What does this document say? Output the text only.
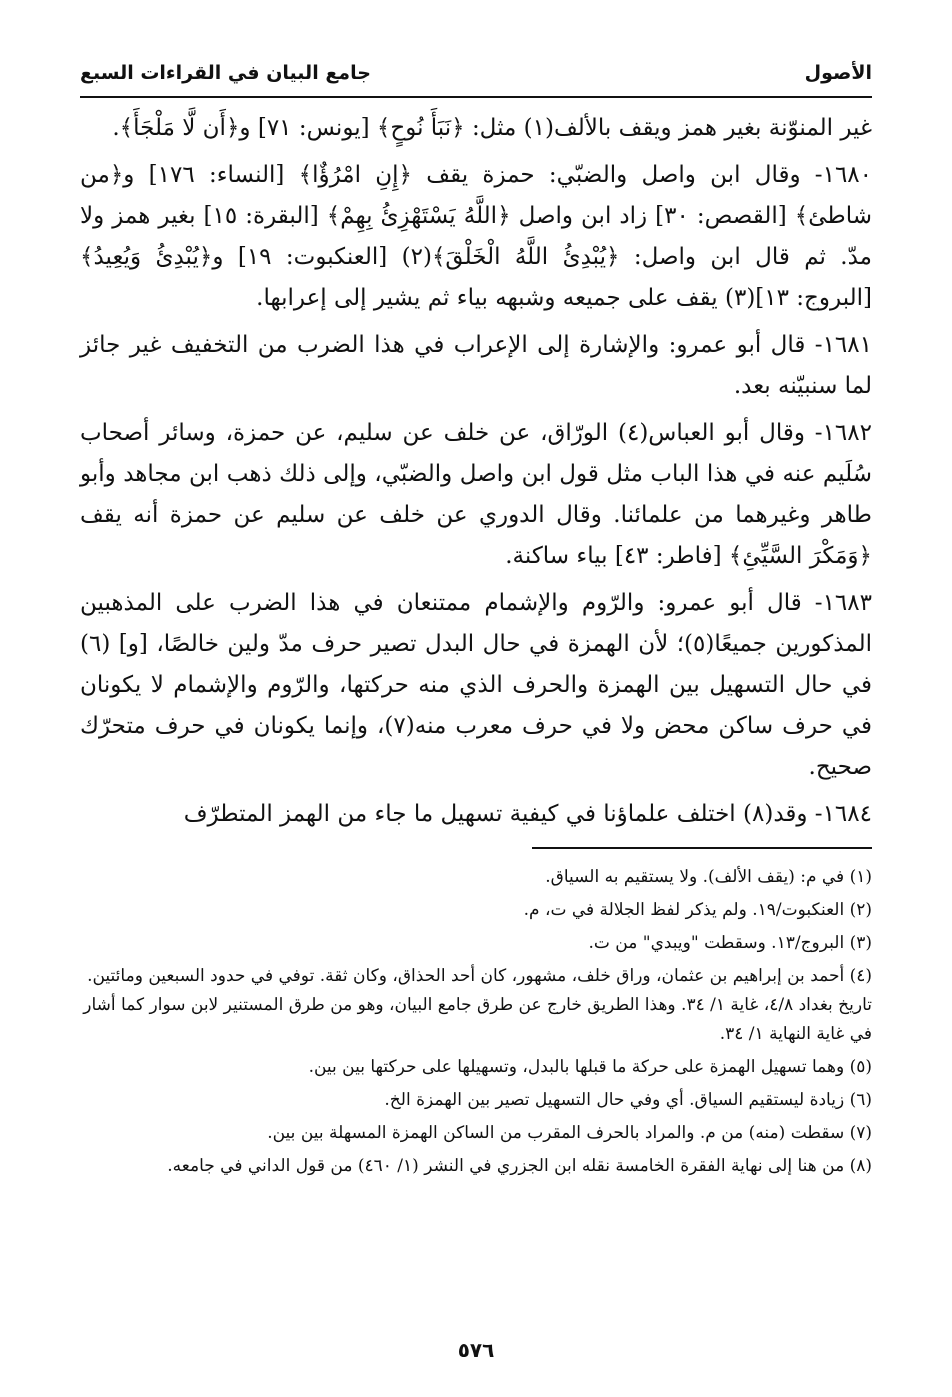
الأصول
جامع البيان في القراءات السبع

غير المنوّنة بغير همز ويقف بالألف(١) مثل: ﴿نَبَأَ نُوحٍ﴾ [يونس: ٧١] و﴿أَن لَّا مَلْجَأَ﴾.

١٦٨٠- وقال ابن واصل والضبّي: حمزة يقف ﴿إِنِ امْرُؤٌا﴾ [النساء: ١٧٦] و﴿من شاطئ﴾ [القصص: ٣٠] زاد ابن واصل ﴿اللَّهُ يَسْتَهْزِئُ بِهِمْ﴾ [البقرة: ١٥] بغير همز ولا مدّ. ثم قال ابن واصل: ﴿يُبْدِئُ اللَّهُ الْخَلْقَ﴾(٢) [العنكبوت: ١٩] و﴿يُبْدِئُ وَيُعِيدُ﴾ [البروج: ١٣](٣) يقف على جميعه وشبهه بياء ثم يشير إلى إعرابها.

١٦٨١- قال أبو عمرو: والإشارة إلى الإعراب في هذا الضرب من التخفيف غير جائز لما سنبيّنه بعد.

١٦٨٢- وقال أبو العباس(٤) الورّاق، عن خلف عن سليم، عن حمزة، وسائر أصحاب سُلَيم عنه في هذا الباب مثل قول ابن واصل والضبّي، وإلى ذلك ذهب ابن مجاهد وأبو طاهر وغيرهما من علمائنا. وقال الدوري عن خلف عن سليم عن حمزة أنه يقف ﴿وَمَكْرَ السَّيِّئِ﴾ [فاطر: ٤٣] بياء ساكنة.

١٦٨٣- قال أبو عمرو: والرّوم والإشمام ممتنعان في هذا الضرب على المذهبين المذكورين جميعًا(٥)؛ لأن الهمزة في حال البدل تصير حرف مدّ ولين خالصًا، [و] (٦) في حال التسهيل بين الهمزة والحرف الذي منه حركتها، والرّوم والإشمام لا يكونان في حرف ساكن محض ولا في حرف معرب منه(٧)، وإنما يكونان في حرف متحرّك صحيح.

١٦٨٤- وقد(٨) اختلف علماؤنا في كيفية تسهيل ما جاء من الهمز المتطرّف

(١) في م: (يقف الألف). ولا يستقيم به السياق.

(٢) العنكبوت/١٩. ولم يذكر لفظ الجلالة في ت، م.

(٣) البروج/١٣. وسقطت "ويبدي" من ت.

(٤) أحمد بن إبراهيم بن عثمان، وراق خلف، مشهور، كان أحد الحذاق، وكان ثقة. توفي في حدود السبعين ومائتين. تاريخ بغداد ٤/٨، غاية ١/ ٣٤. وهذا الطريق خارج عن طرق جامع البيان، وهو من طرق المستنير لابن سوار كما أشار في غاية النهاية ١/ ٣٤.

(٥) وهما تسهيل الهمزة على حركة ما قبلها بالبدل، وتسهيلها على حركتها بين بين.

(٦) زيادة ليستقيم السياق. أي وفي حال التسهيل تصير بين الهمزة الخ.

(٧) سقطت (منه) من م. والمراد بالحرف المقرب من الساكن الهمزة المسهلة بين بين.

(٨) من هنا إلى نهاية الفقرة الخامسة نقله ابن الجزري في النشر (١/ ٤٦٠) من قول الداني في جامعه.

٥٧٦
